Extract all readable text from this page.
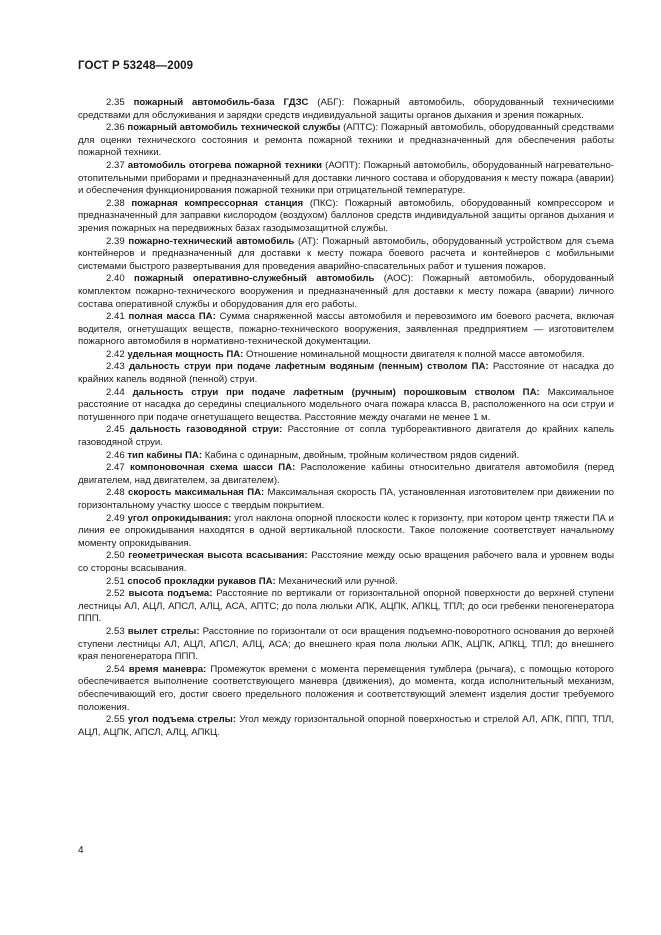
ГОСТ Р 53248—2009

2.35 пожарный автомобиль-база ГДЗС (АБГ): Пожарный автомобиль, оборудованный техническими средствами для обслуживания и зарядки средств индивидуальной защиты органов дыхания и зрения пожарных.

2.36 пожарный автомобиль технической службы (АПТС): Пожарный автомобиль, оборудованный средствами для оценки технического состояния и ремонта пожарной техники и предназначенный для обеспечения работы пожарной техники.

2.37 автомобиль отогрева пожарной техники (АОПТ): Пожарный автомобиль, оборудованный нагревательно-отопительными приборами и предназначенный для доставки личного состава и оборудования к месту пожара (аварии) и обеспечения функционирования пожарной техники при отрицательной температуре.

2.38 пожарная компрессорная станция (ПКС): Пожарный автомобиль, оборудованный компрессором и предназначенный для заправки кислородом (воздухом) баллонов средств индивидуальной защиты органов дыхания и зрения пожарных на передвижных базах газодымозащитной службы.

2.39 пожарно-технический автомобиль (АТ): Пожарный автомобиль, оборудованный устройством для съема контейнеров и предназначенный для доставки к месту пожара боевого расчета и контейнеров с мобильными системами быстрого развертывания для проведения аварийно-спасательных работ и тушения пожаров.

2.40 пожарный оперативно-служебный автомобиль (АОС): Пожарный автомобиль, оборудованный комплектом пожарно-технического вооружения и предназначенный для доставки к месту пожара (аварии) личного состава оперативной службы и оборудования для его работы.

2.41 полная масса ПА: Сумма снаряженной массы автомобиля и перевозимого им боевого расчета, включая водителя, огнетушащих веществ, пожарно-технического вооружения, заявленная предприятием — изготовителем пожарного автомобиля в нормативно-технической документации.

2.42 удельная мощность ПА: Отношение номинальной мощности двигателя к полной массе автомобиля.

2.43 дальность струи при подаче лафетным водяным (пенным) стволом ПА: Расстояние от насадка до крайних капель водяной (пенной) струи.

2.44 дальность струи при подаче лафетным (ручным) порошковым стволом ПА: Максимальное расстояние от насадка до середины специального модельного очага пожара класса В, расположенного на оси струи и потушенного при подаче огнетушащего вещества. Расстояние между очагами не менее 1 м.

2.45 дальность газоводяной струи: Расстояние от сопла турбореактивного двигателя до крайних капель газоводяной струи.

2.46 тип кабины ПА: Кабина с одинарным, двойным, тройным количеством рядов сидений.

2.47 компоновочная схема шасси ПА: Расположение кабины относительно двигателя автомобиля (перед двигателем, над двигателем, за двигателем).

2.48 скорость максимальная ПА: Максимальная скорость ПА, установленная изготовителем при движении по горизонтальному участку шоссе с твердым покрытием.

2.49 угол опрокидывания: угол наклона опорной плоскости колес к горизонту, при котором центр тяжести ПА и линия ее опрокидывания находятся в одной вертикальной плоскости. Такое положение соответствует начальному моменту опрокидывания.

2.50 геометрическая высота всасывания: Расстояние между осью вращения рабочего вала и уровнем воды со стороны всасывания.

2.51 способ прокладки рукавов ПА: Механический или ручной.

2.52 высота подъема: Расстояние по вертикали от горизонтальной опорной поверхности до верхней ступени лестницы АЛ, АЦЛ, АПСЛ, АЛЦ, АСА, АПТС; до пола люльки АПК, АЦПК, АПКЦ, ТПЛ; до оси гребенки пеногенератора ППП.

2.53 вылет стрелы: Расстояние по горизонтали от оси вращения подъемно-поворотного основания до верхней ступени лестницы АЛ, АЦЛ, АПСЛ, АЛЦ, АСА; до внешнего края пола люльки АПК, АЦПК, АПКЦ, ТПЛ; до внешнего края пеногенератора ППП.

2.54 время маневра: Промежуток времени с момента перемещения тумблера (рычага), с помощью которого обеспечивается выполнение соответствующего маневра (движения), до момента, когда исполнительный механизм, обеспечивающий его, достиг своего предельного положения и соответствующий элемент изделия достиг требуемого положения.

2.55 угол подъема стрелы: Угол между горизонтальной опорной поверхностью и стрелой АЛ, АПК, ППП, ТПЛ, АЦЛ, АЦПК, АПСЛ, АЛЦ, АПКЦ.

4
